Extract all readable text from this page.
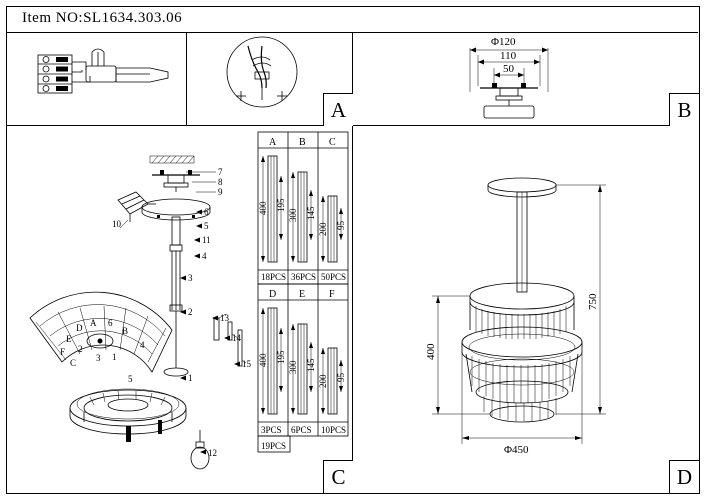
Item NO:SL1634.303.06
A	B
C	D
D A 6
E
B
F
4
2
C
1
5
3
7
8
9
6
5
11
4
3
2
1
12
13
14
15
10
A B C
400 195
300 145
200 95
18PCS 36PCS 50PCS
D E F
400 195
300 145
200 95
3PCS 6PCS 10PCS
19PCS
Φ120
110
50
750
400
Φ450
